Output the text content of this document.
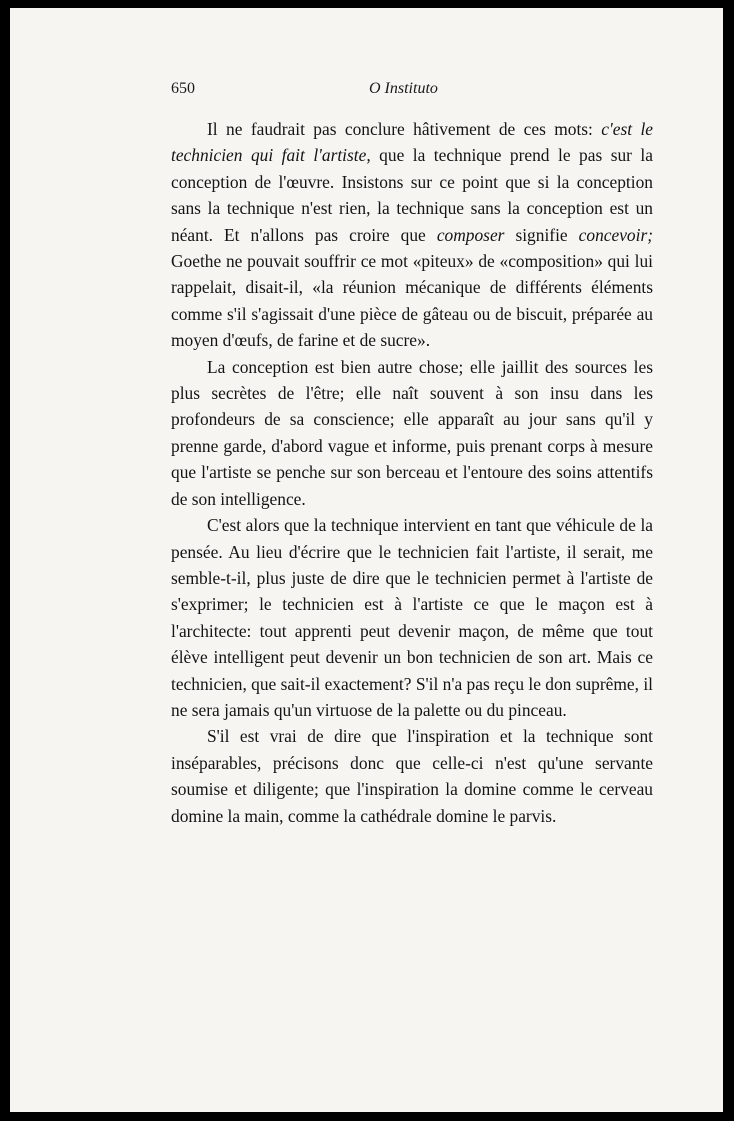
650	O Instituto

Il ne faudrait pas conclure hâtivement de ces mots: c'est le technicien qui fait l'artiste, que la technique prend le pas sur la conception de l'œuvre. Insistons sur ce point que si la conception sans la technique n'est rien, la technique sans la conception est un néant. Et n'allons pas croire que composer signifie concevoir; Goethe ne pouvait souffrir ce mot «piteux» de «composition» qui lui rappelait, disait-il, «la réunion mécanique de différents éléments comme s'il s'agissait d'une pièce de gâteau ou de biscuit, préparée au moyen d'œufs, de farine et de sucre».

La conception est bien autre chose; elle jaillit des sources les plus secrètes de l'être; elle naît souvent à son insu dans les profondeurs de sa conscience; elle apparaît au jour sans qu'il y prenne garde, d'abord vague et informe, puis prenant corps à mesure que l'artiste se penche sur son berceau et l'entoure des soins attentifs de son intelligence.

C'est alors que la technique intervient en tant que véhicule de la pensée. Au lieu d'écrire que le technicien fait l'artiste, il serait, me semble-t-il, plus juste de dire que le technicien permet à l'artiste de s'exprimer; le technicien est à l'artiste ce que le maçon est à l'architecte: tout apprenti peut devenir maçon, de même que tout élève intelligent peut devenir un bon technicien de son art. Mais ce technicien, que sait-il exactement? S'il n'a pas reçu le don suprême, il ne sera jamais qu'un virtuose de la palette ou du pinceau.

S'il est vrai de dire que l'inspiration et la technique sont inséparables, précisons donc que celle-ci n'est qu'une servante soumise et diligente; que l'inspiration la domine comme le cerveau domine la main, comme la cathédrale domine le parvis.
